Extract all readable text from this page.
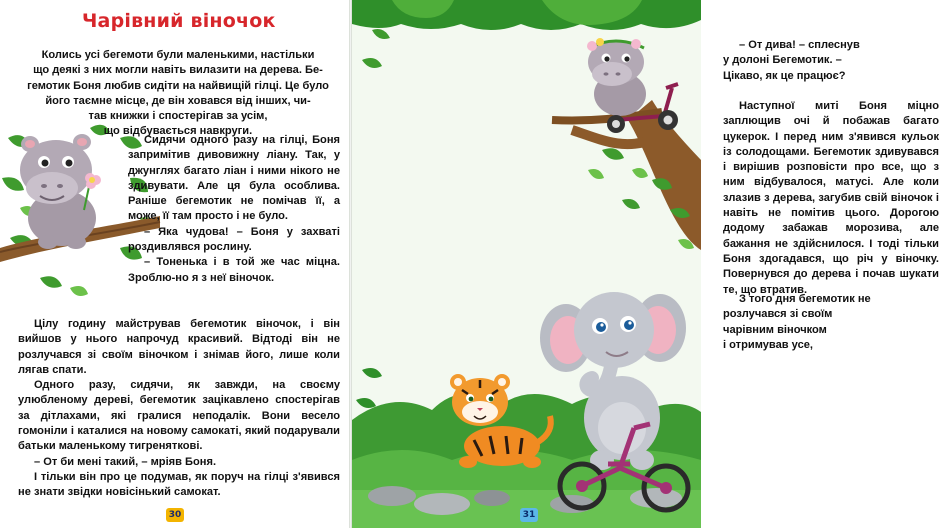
Чарівний віночок

Колись усі бегемоти були маленькими, настільки

що деякі з них могли навіть вилазити на дерева. Бе-

гемотик Боня любив сидіти на найвищій гілці. Це було

його таємне місце, де він ховався від інших, чи-

тав книжки і спостерігав за усім,

що відбувається навкруги.

Сидячи одного разу на гілці, Боня запримітив дивовижну ліану. Так, у джунглях багато ліан і ними нікого не здивувати. Але ця була особлива. Раніше бегемотик не помічав її, а може, її там просто і не було.

– Яка чудова! – Боня у захваті роздивлявся рослину.

– Тоненька і в той же час міцна. Зроблю-но я з неї віночок.

Цілу годину майстрував бегемотик віночок, і він вийшов у нього напрочуд красивий. Відтоді він не розлучався зі своїм віночком і знімав його, лише коли лягав спати.

Одного разу, сидячи, як завжди, на своєму улюбленому дереві, бегемотик зацікавлено спостерігав за дітлахами, які гралися неподалік. Вони весело гомоніли і каталися на новому самокаті, який подарували батьки маленькому тигреняткові.

– От би мені такий, – мріяв Боня.

І тільки він про це подумав, як поруч на гілці з'явився не знати звідки новісінький самокат.

30

– От дива! – сплеснув

у долоні Бегемотик. –

Цікаво, як це працює?

Наступної миті Боня міцно заплющив очі й побажав багато цукерок. І перед ним з'явився кульок із солодощами. Бегемотик здивувався і вирішив розповісти про все, що з ним відбувалося, матусі. Але коли злазив з дерева, загубив свій віночок і навіть не помітив цього. Дорогою додому забажав морозива, але бажання не здійснилося. І тоді тільки Боня здогадався, що річ у віночку. Повернувся до дерева і почав шукати те, що втратив.

З того дня бегемотик не

розлучався зі своїм

чарівним віночком

і отримував усе,

31
